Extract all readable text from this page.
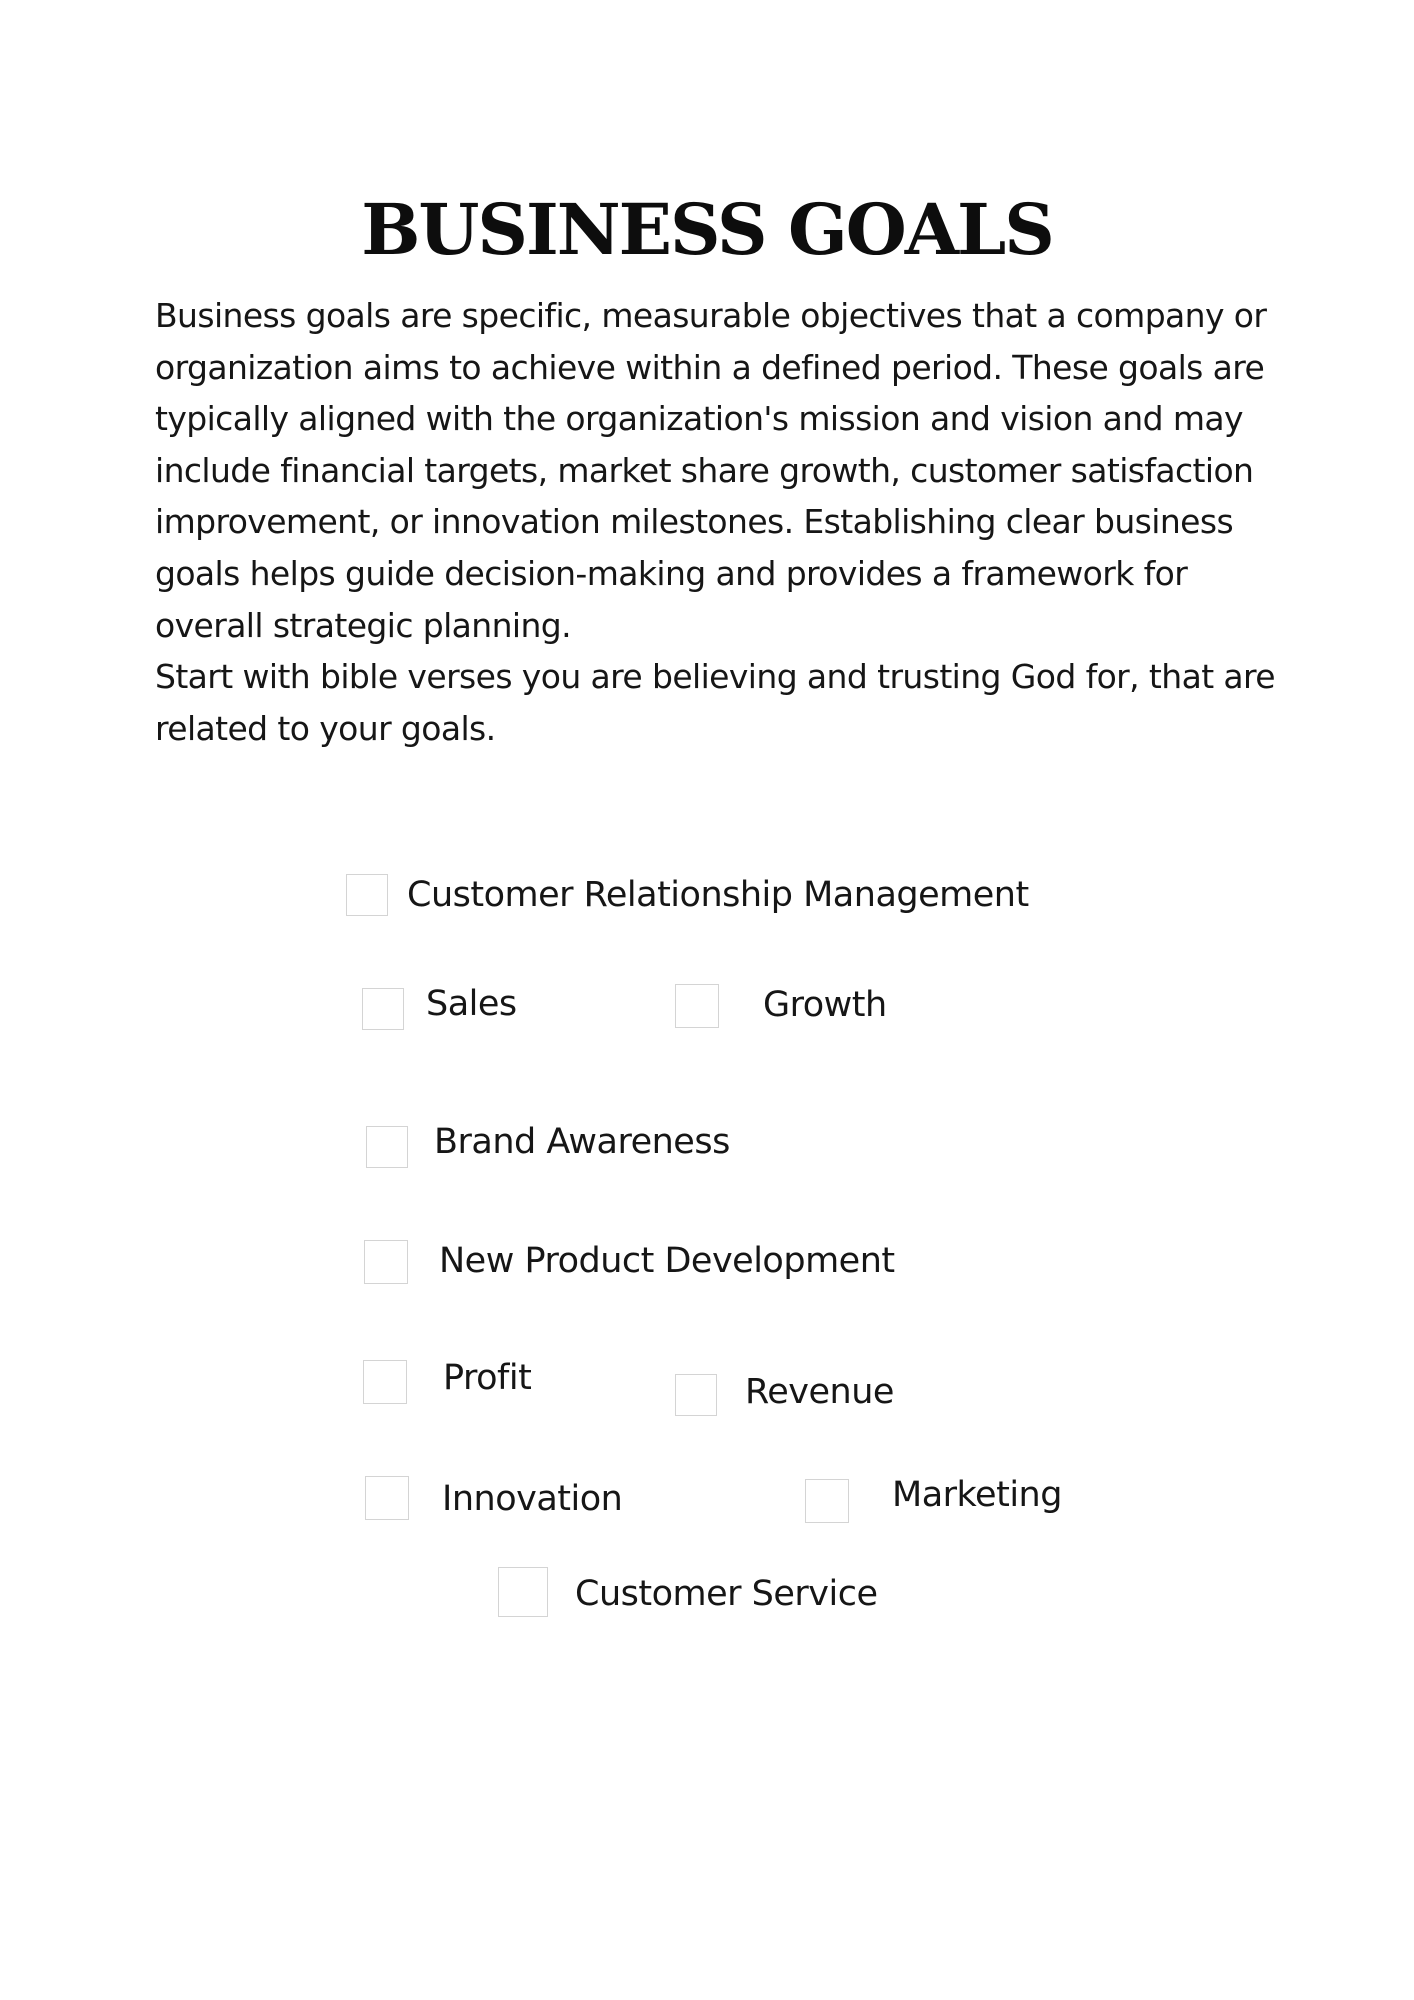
BUSINESS GOALS

Business goals are specific, measurable objectives that a company or organization aims to achieve within a defined period. These goals are typically aligned with the organization's mission and vision and may include financial targets, market share growth, customer satisfaction improvement, or innovation milestones. Establishing clear business goals helps guide decision-making and provides a framework for overall strategic planning.

Start with bible verses you are believing and trusting God for, that are related to your goals.

Customer Relationship Management
Sales	Growth
Brand Awareness
New Product Development
Profit	Revenue
Innovation	Marketing
Customer Service
